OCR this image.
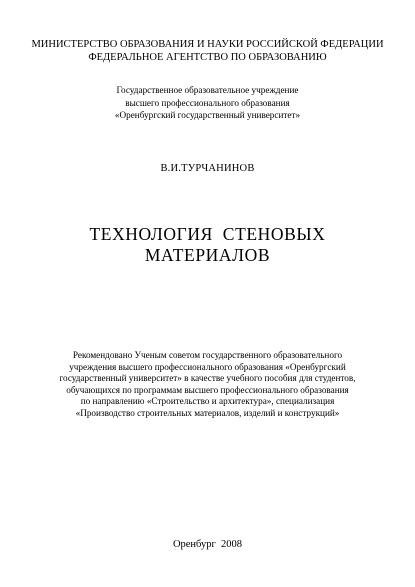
МИНИСТЕРСТВО ОБРАЗОВАНИЯ И НАУКИ РОССИЙСКОЙ ФЕДЕРАЦИИ
ФЕДЕРАЛЬНОЕ АГЕНТСТВО ПО ОБРАЗОВАНИЮ
Государственное образовательное учреждение
высшего профессионального образования
«Оренбургский государственный университет»
В.И.ТУРЧАНИНОВ
ТЕХНОЛОГИЯ  СТЕНОВЫХ
МАТЕРИАЛОВ
Рекомендовано Ученым советом государственного образовательного
учреждения высшего профессионального образования «Оренбургский
государственный университет» в качестве учебного пособия для студентов,
обучающихся по программам высшего профессионального образования
по направлению «Строительство и архитектура», специализация
«Производство строительных материалов, изделий и конструкций»
Оренбург  2008
